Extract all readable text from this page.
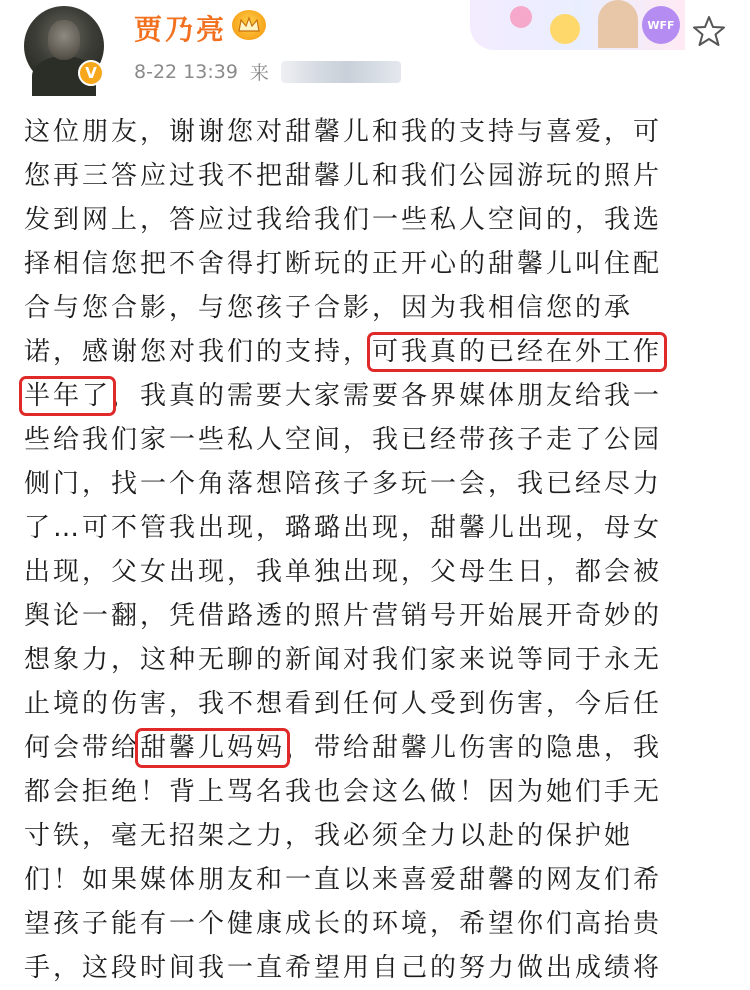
V
贾乃亮
8-22 13:39 来
WFF
这位朋友，谢谢您对甜馨儿和我的支持与喜爱，可
您再三答应过我不把甜馨儿和我们公园游玩的照片
发到网上，答应过我给我们一些私人空间的，我选
择相信您把不舍得打断玩的正开心的甜馨儿叫住配
合与您合影，与您孩子合影，因为我相信您的承
诺，感谢您对我们的支持，可我真的已经在外工作
半年了，我真的需要大家需要各界媒体朋友给我一
些给我们家一些私人空间，我已经带孩子走了公园
侧门，找一个角落想陪孩子多玩一会，我已经尽力
了…可不管我出现，璐璐出现，甜馨儿出现，母女
出现，父女出现，我单独出现，父母生日，都会被
舆论一翻，凭借路透的照片营销号开始展开奇妙的
想象力，这种无聊的新闻对我们家来说等同于永无
止境的伤害，我不想看到任何人受到伤害，今后任
何会带给甜馨儿妈妈，带给甜馨儿伤害的隐患，我
都会拒绝！背上骂名我也会这么做！因为她们手无
寸铁，毫无招架之力，我必须全力以赴的保护她
们！如果媒体朋友和一直以来喜爱甜馨的网友们希
望孩子能有一个健康成长的环境，希望你们高抬贵
手，这段时间我一直希望用自己的努力做出成绩将
